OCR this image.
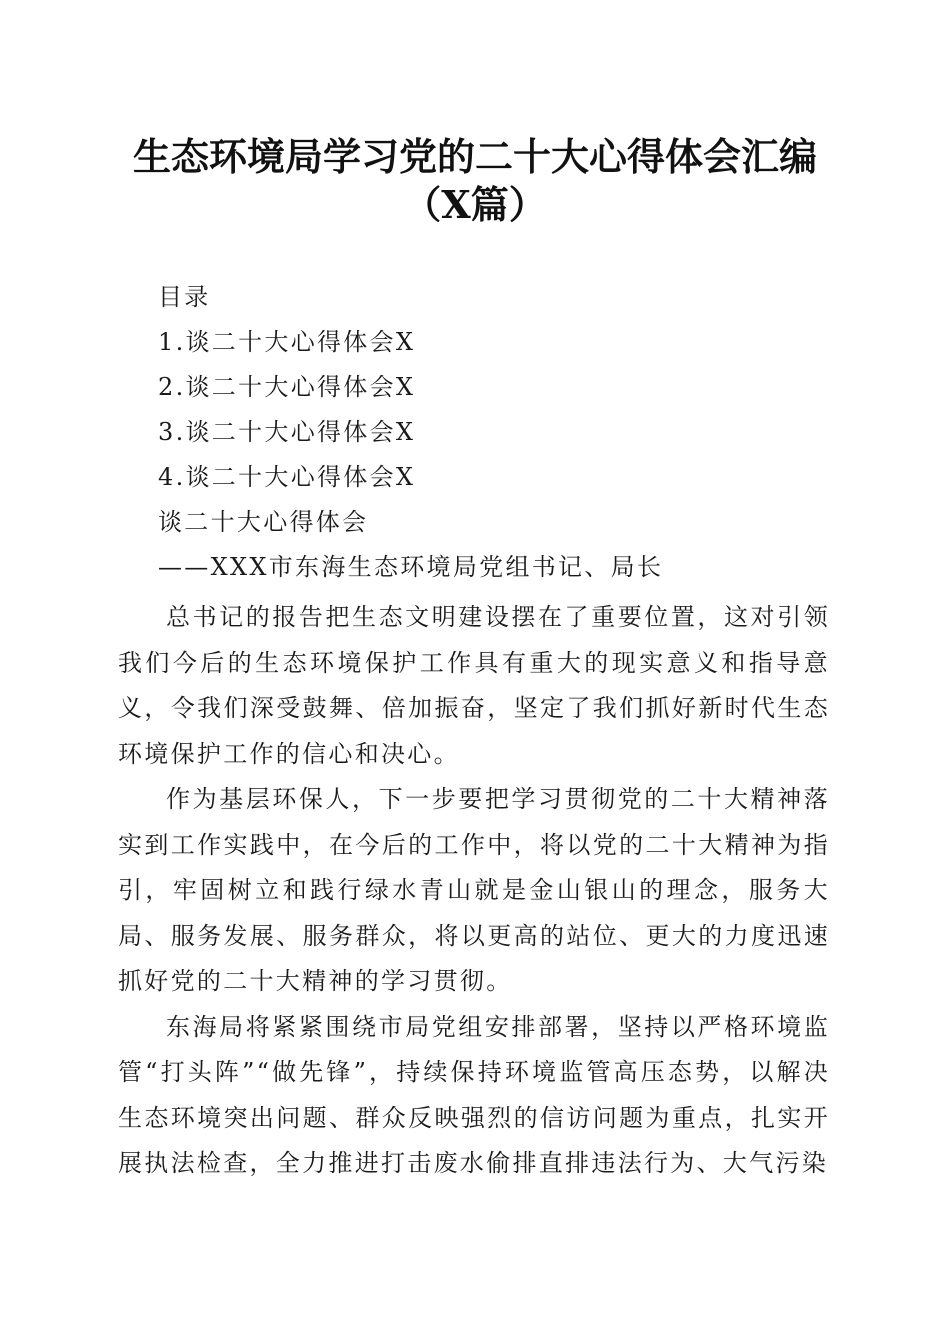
生态环境局学习党的二十大心得体会汇编（X篇）
目录
1.谈二十大心得体会X
2.谈二十大心得体会X
3.谈二十大心得体会X
4.谈二十大心得体会X
谈二十大心得体会
——XXX市东海生态环境局党组书记、局长

总书记的报告把生态文明建设摆在了重要位置，这对引领我们今后的生态环境保护工作具有重大的现实意义和指导意义，令我们深受鼓舞、倍加振奋，坚定了我们抓好新时代生态环境保护工作的信心和决心。

作为基层环保人，下一步要把学习贯彻党的二十大精神落实到工作实践中，在今后的工作中，将以党的二十大精神为指引，牢固树立和践行绿水青山就是金山银山的理念，服务大局、服务发展、服务群众，将以更高的站位、更大的力度迅速抓好党的二十大精神的学习贯彻。

东海局将紧紧围绕市局党组安排部署，坚持以严格环境监管“打头阵”“做先锋”，持续保持环境监管高压态势，以解决生态环境突出问题、群众反映强烈的信访问题为重点，扎实开展执法检查，全力推进打击废水偷排直排违法行为、大气污染
